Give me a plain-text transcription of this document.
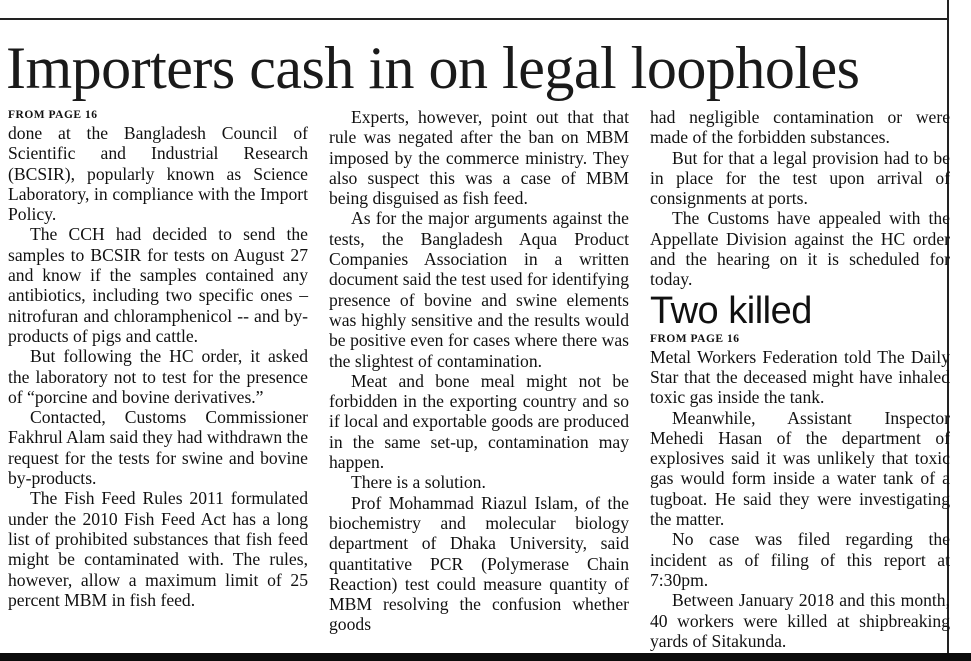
Importers cash in on legal loopholes
FROM PAGE 16

done at the Bangladesh Council of Scientific and Industrial Research (BCSIR), popularly known as Science Laboratory, in compliance with the Import Policy.

The CCH had decided to send the samples to BCSIR for tests on August 27 and know if the samples contained any antibiotics, including two specific ones – nitrofuran and chloramphenicol -- and by-products of pigs and cattle.

But following the HC order, it asked the laboratory not to test for the presence of “porcine and bovine derivatives.”

Contacted, Customs Commissioner Fakhrul Alam said they had withdrawn the request for the tests for swine and bovine by-products.

The Fish Feed Rules 2011 formulated under the 2010 Fish Feed Act has a long list of prohibited substances that fish feed might be contaminated with. The rules, however, allow a maximum limit of 25 percent MBM in fish feed.

Experts, however, point out that that rule was negated after the ban on MBM imposed by the commerce ministry. They also suspect this was a case of MBM being disguised as fish feed.

As for the major arguments against the tests, the Bangladesh Aqua Product Companies Association in a written document said the test used for identifying presence of bovine and swine elements was highly sensitive and the results would be positive even for cases where there was the slightest of contamination.

Meat and bone meal might not be forbidden in the exporting country and so if local and exportable goods are produced in the same set-up, contamination may happen.

There is a solution.

Prof Mohammad Riazul Islam, of the biochemistry and molecular biology department of Dhaka University, said quantitative PCR (Polymerase Chain Reaction) test could measure quantity of MBM resolving the confusion whether goods

had negligible contamination or were made of the forbidden substances.

But for that a legal provision had to be in place for the test upon arrival of consignments at ports.

The Customs have appealed with the Appellate Division against the HC order and the hearing on it is scheduled for today.

Two killed
FROM PAGE 16

Metal Workers Federation told The Daily Star that the deceased might have inhaled toxic gas inside the tank.

Meanwhile, Assistant Inspector Mehedi Hasan of the department of explosives said it was unlikely that toxic gas would form inside a water tank of a tugboat. He said they were investigating the matter.

No case was filed regarding the incident as of filing of this report at 7:30pm.

Between January 2018 and this month, 40 workers were killed at shipbreaking yards of Sitakunda.
